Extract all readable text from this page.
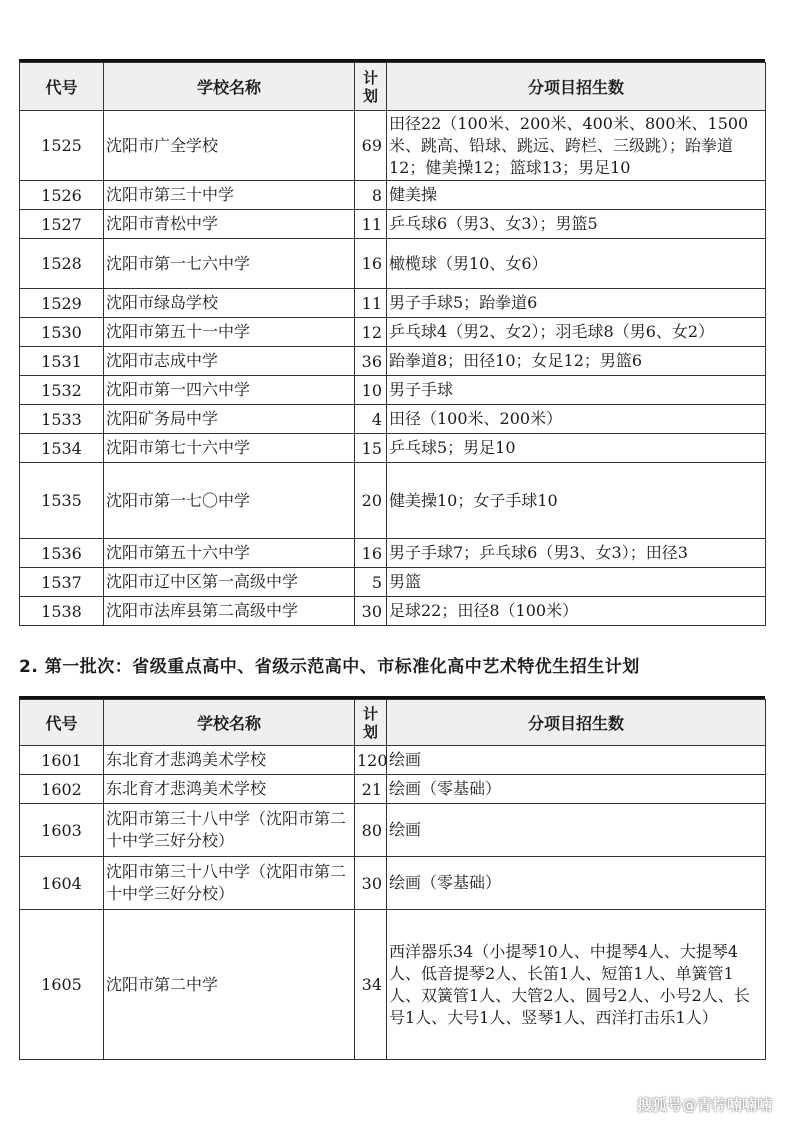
代号	学校名称	计划	分项目招生数
1525	沈阳市广全学校	69	田径22（100米、200米、400米、800米、1500米、跳高、铅球、跳远、跨栏、三级跳）；跆拳道12；健美操12；篮球13；男足10
1526	沈阳市第三十中学	8	健美操
1527	沈阳市青松中学	11	乒乓球6（男3、女3）；男篮5
1528	沈阳市第一七六中学	16	橄榄球（男10、女6）
1529	沈阳市绿岛学校	11	男子手球5；跆拳道6
1530	沈阳市第五十一中学	12	乒乓球4（男2、女2）；羽毛球8（男6、女2）
1531	沈阳市志成中学	36	跆拳道8；田径10；女足12；男篮6
1532	沈阳市第一四六中学	10	男子手球
1533	沈阳矿务局中学	4	田径（100米、200米）
1534	沈阳市第七十六中学	15	乒乓球5；男足10
1535	沈阳市第一七〇中学	20	健美操10；女子手球10
1536	沈阳市第五十六中学	16	男子手球7；乒乓球6（男3、女3）；田径3
1537	沈阳市辽中区第一高级中学	5	男篮
1538	沈阳市法库县第二高级中学	30	足球22；田径8（100米）
2. 第一批次：省级重点高中、省级示范高中、市标准化高中艺术特优生招生计划
代号	学校名称	计划	分项目招生数
1601	东北育才悲鸿美术学校	120	绘画
1602	东北育才悲鸿美术学校	21	绘画（零基础）
1603	沈阳市第三十八中学（沈阳市第二十中学三好分校）	80	绘画
1604	沈阳市第三十八中学（沈阳市第二十中学三好分校）	30	绘画（零基础）
1605	沈阳市第二中学	34	西洋器乐34（小提琴10人、中提琴4人、大提琴4人、低音提琴2人、长笛1人、短笛1人、单簧管1人、双簧管1人、大管2人、圆号2人、小号2人、长号1人、大号1人、竖琴1人、西洋打击乐1人）
搜狐号@青柠喃喃喃
